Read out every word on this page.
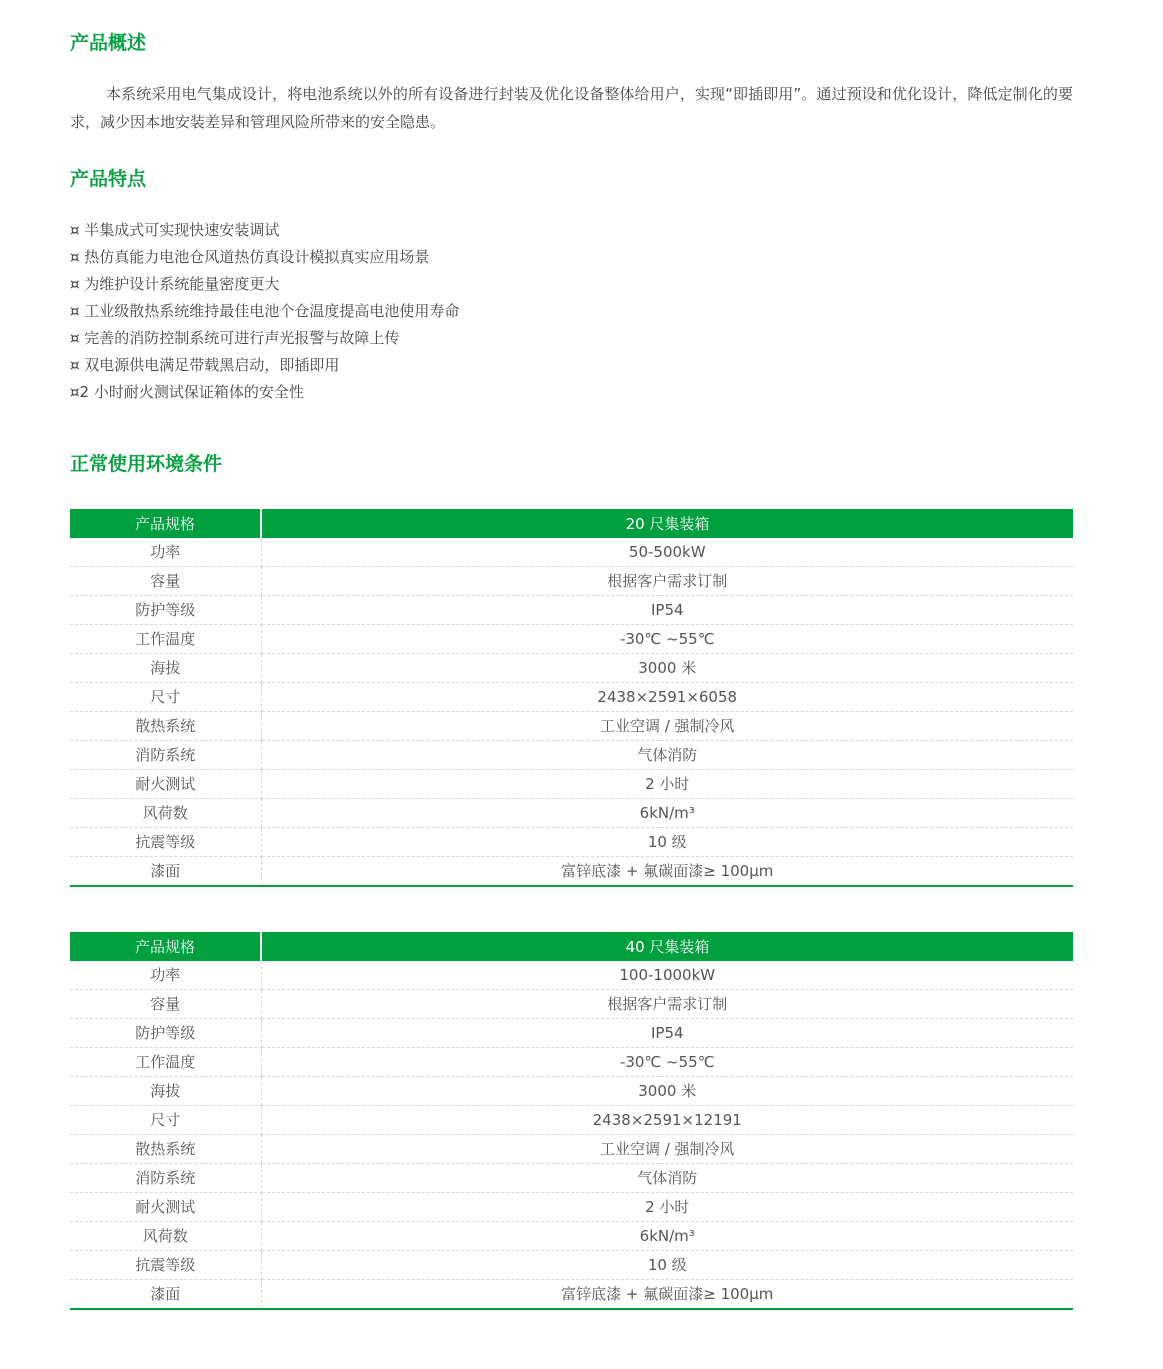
产品概述

本系统采用电气集成设计，将电池系统以外的所有设备进行封装及优化设备整体给用户，实现“即插即用”。通过预设和优化设计，降低定制化的要求，减少因本地安装差异和管理风险所带来的安全隐患。

产品特点
¤ 半集成式可实现快速安装调试
¤ 热仿真能力电池仓风道热仿真设计模拟真实应用场景
¤ 为维护设计系统能量密度更大
¤ 工业级散热系统维持最佳电池个仓温度提高电池使用寿命
¤ 完善的消防控制系统可进行声光报警与故障上传
¤ 双电源供电满足带载黑启动，即插即用
¤2 小时耐火测试保证箱体的安全性
正常使用环境条件
产品规格	20 尺集装箱
功率	50-500kW
容量	根据客户需求订制
防护等级	IP54
工作温度	-30℃ ~55℃
海拔	3000 米
尺寸	2438×2591×6058
散热系统	工业空调 / 强制冷风
消防系统	气体消防
耐火测试	2 小时
风荷数	6kN/m³
抗震等级	10 级
漆面	富锌底漆 + 氟碳面漆≥ 100μm
产品规格	40 尺集装箱
功率	100-1000kW
容量	根据客户需求订制
防护等级	IP54
工作温度	-30℃ ~55℃
海拔	3000 米
尺寸	2438×2591×12191
散热系统	工业空调 / 强制冷风
消防系统	气体消防
耐火测试	2 小时
风荷数	6kN/m³
抗震等级	10 级
漆面	富锌底漆 + 氟碳面漆≥ 100μm
